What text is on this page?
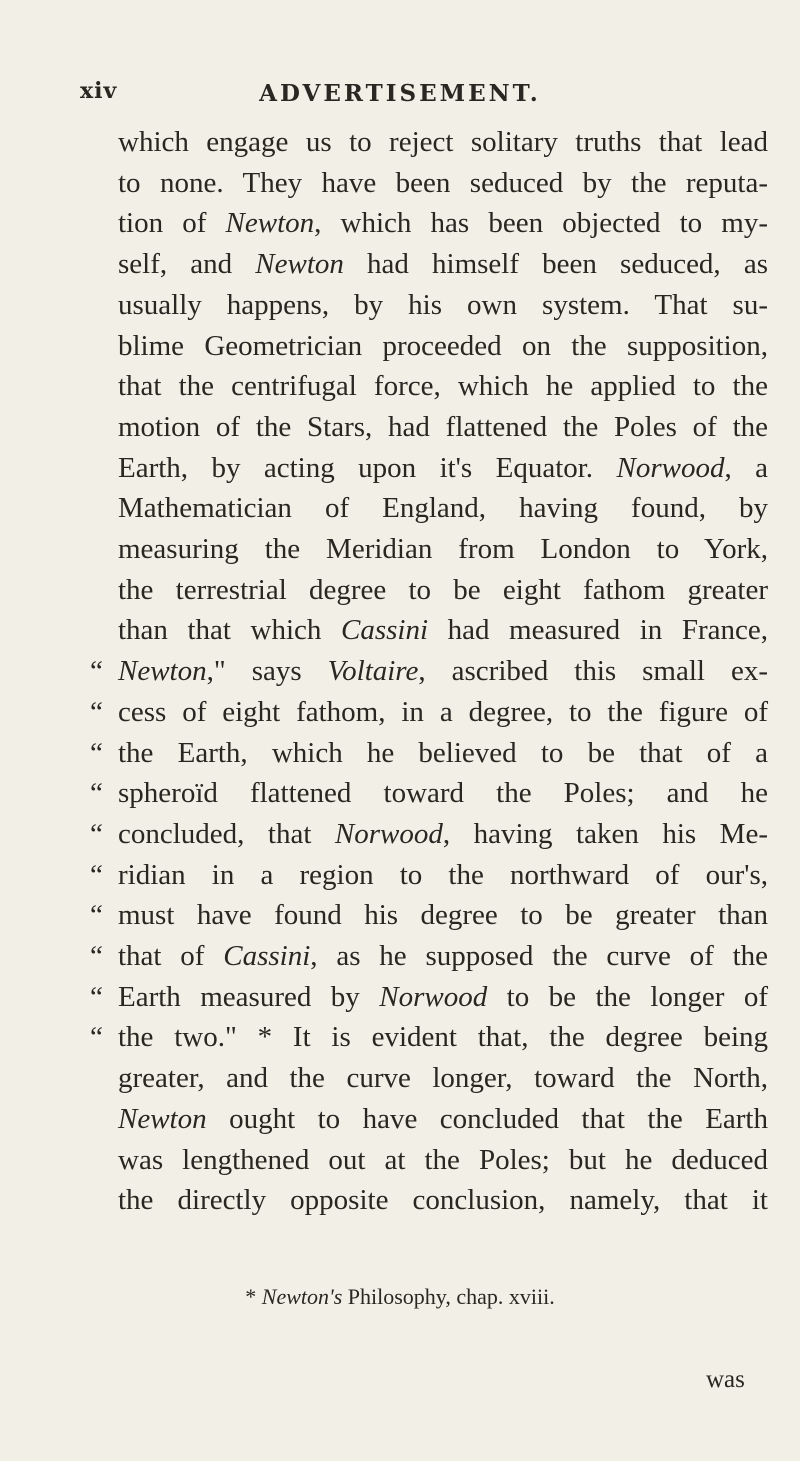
xiv	ADVERTISEMENT.
which engage us to reject solitary truths that lead
to none. They have been seduced by the reputa-
tion of Newton, which has been objected to my-
self, and Newton had himself been seduced, as
usually happens, by his own system. That su-
blime Geometrician proceeded on the supposition,
that the centrifugal force, which he applied to the
motion of the Stars, had flattened the Poles of the
Earth, by acting upon it's Equator. Norwood, a
Mathematician of England, having found, by
measuring the Meridian from London to York,
the terrestrial degree to be eight fathom greater
than that which Cassini had measured in France,
“ Newton," says Voltaire, ascribed this small ex-
“ cess of eight fathom, in a degree, to the figure of
“ the Earth, which he believed to be that of a
“ spheroïd flattened toward the Poles; and he
“ concluded, that Norwood, having taken his Me-
“ ridian in a region to the northward of our's,
“ must have found his degree to be greater than
“ that of Cassini, as he supposed the curve of the
“ Earth measured by Norwood to be the longer of
“ the two." * It is evident that, the degree being
greater, and the curve longer, toward the North,
Newton ought to have concluded that the Earth
was lengthened out at the Poles; but he deduced
the directly opposite conclusion, namely, that it
* Newton's Philosophy, chap. xviii.
was
